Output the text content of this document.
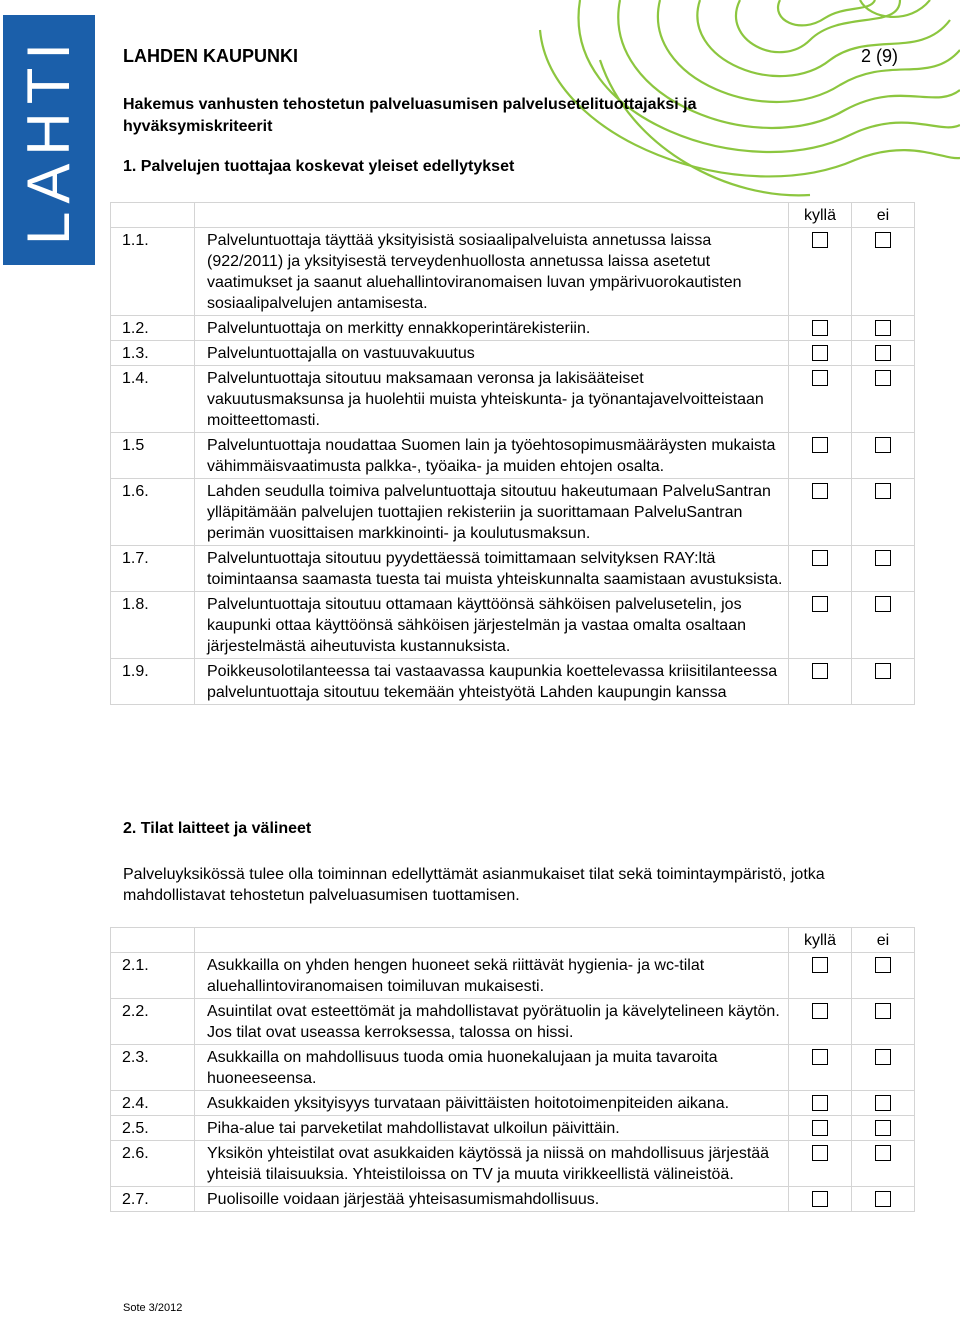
LAHTI LAHDEN KAUPUNKI	2 (9)
Hakemus vanhusten tehostetun palveluasumisen palvelusetelituottajaksi ja hyväksymiskriteerit
1. Palvelujen tuottajaa koskevat yleiset edellytykset
		kyllä	ei
1.1.	Palveluntuottaja täyttää yksityisistä sosiaalipalveluista annetussa laissa (922/2011) ja yksityisestä terveydenhuollosta annetussa laissa asetetut vaatimukset ja saanut aluehallintoviranomaisen luvan ympärivuorokautisten sosiaalipalvelujen antamisesta.	

1.2.	Palveluntuottaja on merkitty ennakkoperintärekisteriin.	

1.3.	Palveluntuottajalla on vastuuvakuutus	

1.4.	Palveluntuottaja sitoutuu maksamaan veronsa ja lakisääteiset vakuutusmaksunsa ja huolehtii muista yhteiskunta- ja työnantajavelvoitteistaan moitteettomasti.	

1.5	Palveluntuottaja noudattaa Suomen lain ja työehtosopimusmääräysten mukaista vähimmäisvaatimusta palkka-, työaika- ja muiden ehtojen osalta.	

1.6.	Lahden seudulla toimiva palveluntuottaja sitoutuu hakeutumaan PalveluSantran ylläpitämään palvelujen tuottajien rekisteriin ja suorittamaan PalveluSantran perimän vuosittaisen markkinointi- ja koulutusmaksun.	

1.7.	Palveluntuottaja sitoutuu pyydettäessä toimittamaan selvityksen RAY:ltä toimintaansa saamasta tuesta tai muista yhteiskunnalta saamistaan avustuksista.	

1.8.	Palveluntuottaja sitoutuu ottamaan käyttöönsä sähköisen palvelusetelin, jos kaupunki ottaa käyttöönsä sähköisen järjestelmän ja vastaa omalta osaltaan järjestelmästä aiheutuvista kustannuksista.	

1.9.	Poikkeusolotilanteessa tai vastaavassa kaupunkia koettelevassa kriisitilanteessa palveluntuottaja sitoutuu tekemään yhteistyötä Lahden kaupungin kanssa	

2. Tilat laitteet ja välineet
Palveluyksikössä tulee olla toiminnan edellyttämät asianmukaiset tilat sekä toimintaympäristö, jotka mahdollistavat tehostetun palveluasumisen tuottamisen.
		kyllä	ei
2.1.	Asukkailla on yhden hengen huoneet sekä riittävät hygienia- ja wc-tilat aluehallintoviranomaisen toimiluvan mukaisesti.	

2.2.	Asuintilat ovat esteettömät ja mahdollistavat pyörätuolin ja kävelytelineen käytön. Jos tilat ovat useassa kerroksessa, talossa on hissi.	

2.3.	Asukkailla on mahdollisuus tuoda omia huonekalujaan ja muita tavaroita huoneeseensa.	

2.4.	Asukkaiden yksityisyys turvataan päivittäisten hoitotoimenpiteiden aikana.	

2.5.	Piha-alue tai parveketilat mahdollistavat ulkoilun päivittäin.	

2.6.	Yksikön yhteistilat ovat asukkaiden käytössä ja niissä on mahdollisuus järjestää yhteisiä tilaisuuksia. Yhteistiloissa on TV ja muuta virikkeellistä välineistöä.	

2.7.	Puolisoille voidaan järjestää yhteisasumismahdollisuus.	

Sote 3/2012
